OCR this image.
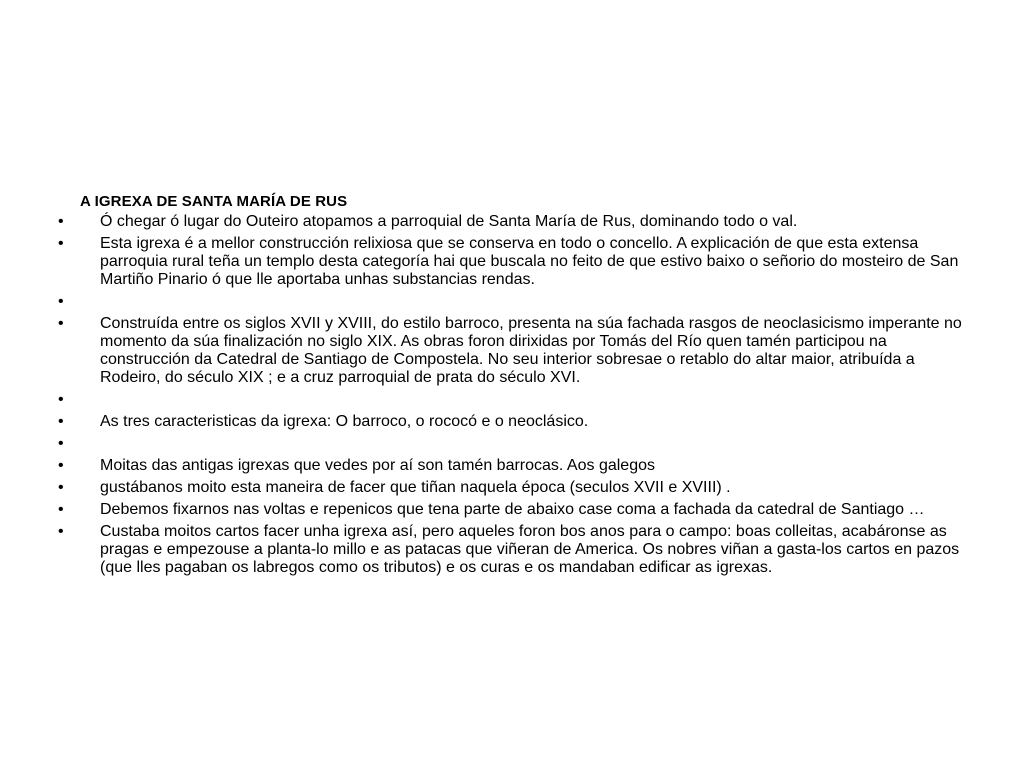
A IGREXA DE SANTA MARÍA DE RUS
•	Ó chegar ó lugar do Outeiro atopamos a parroquial de Santa María de Rus, dominando todo o val.
•	Esta igrexa é a mellor construcción relixiosa que se conserva en todo o concello. A explicación de que esta extensa parroquia rural teña un templo desta categoría hai que buscala no feito de que estivo baixo o señorio do mosteiro de San Martiño Pinario ó que lle aportaba unhas substancias rendas.
•
•	Construída entre os siglos XVII y XVIII, do estilo barroco, presenta na súa fachada rasgos de neoclasicismo imperante no momento da súa finalización no siglo XIX. As obras foron dirixidas por Tomás del Río quen tamén participou na construcción da Catedral de Santiago de Compostela. No seu interior sobresae o retablo do altar maior, atribuída a Rodeiro, do século XIX ; e a cruz parroquial de prata do século XVI.
•
•	As tres caracteristicas da igrexa: O barroco, o rococó e o neoclásico.
•
•	Moitas das antigas igrexas que vedes por aí son tamén barrocas. Aos galegos
•	gustábanos moito esta maneira de facer que tiñan naquela época (seculos XVII e XVIII) .
•	Debemos fixarnos nas voltas e repenicos que tena parte de abaixo case coma a fachada da catedral de Santiago …
•	Custaba moitos cartos facer unha igrexa así, pero aqueles foron bos anos para o campo: boas colleitas, acabáronse as pragas e empezouse a planta-lo millo e as patacas que viñeran de America. Os nobres viñan a gasta-los cartos en pazos (que lles pagaban os labregos como os tributos) e os curas e os mandaban edificar as igrexas.
